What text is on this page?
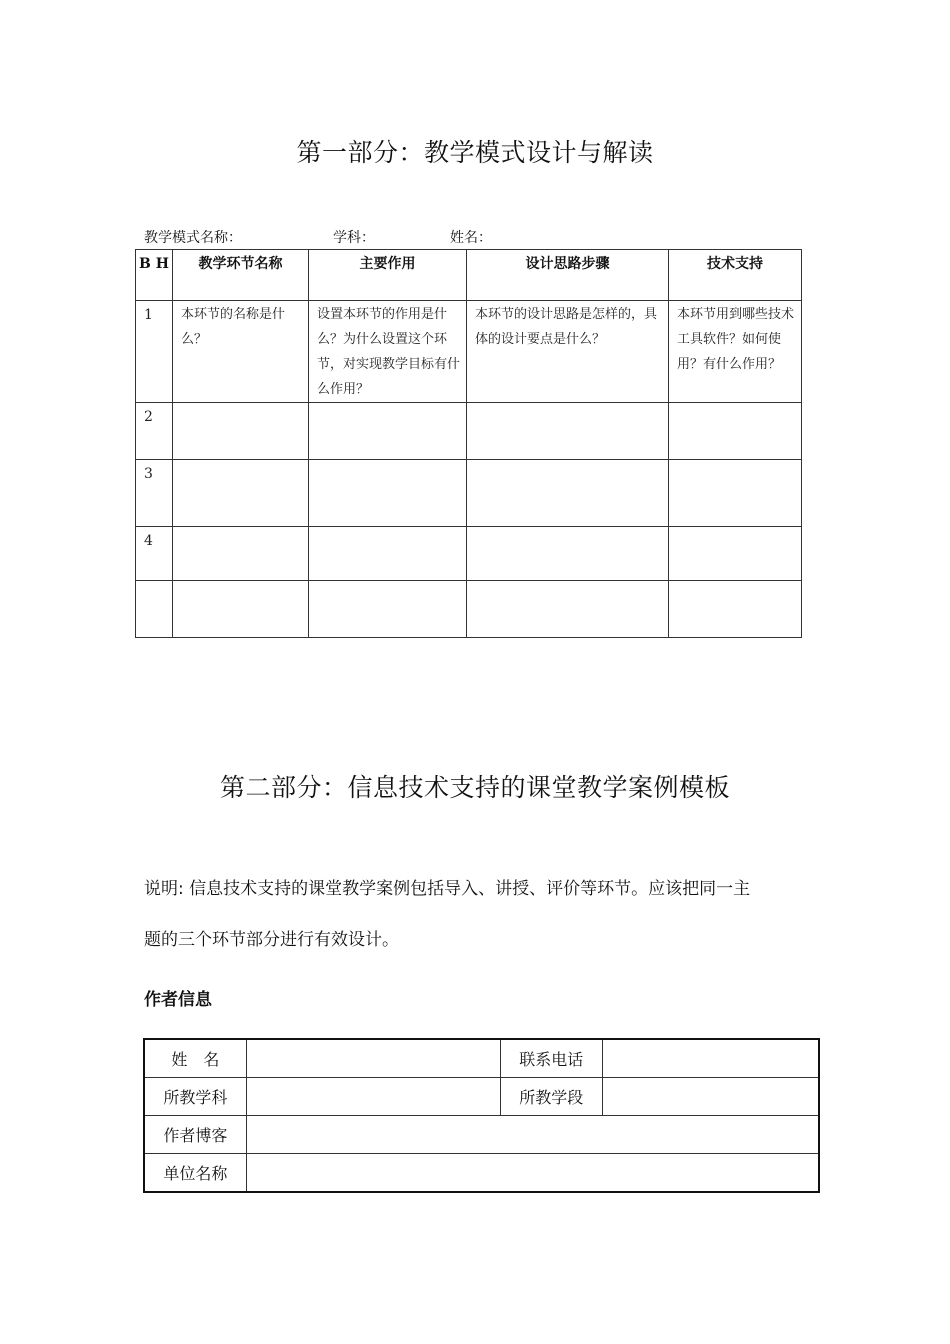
第一部分：教学模式设计与解读
教学模式名称：	学科：	姓名：
B H	教学环节名称	主要作用	设计思路步骤	技术支持
1	本环节的名称是什么？	设置本环节的作用是什么？为什么设置这个环节，对实现教学目标有什么作用？	本环节的设计思路是怎样的，具体的设计要点是什么？	本环节用到哪些技术工具软件？如何使用？有什么作用？
2				
3				
4				

第二部分：信息技术支持的课堂教学案例模板
说明: 信息技术支持的课堂教学案例包括导入、讲授、评价等环节。应该把同一主
题的三个环节部分进行有效设计。
作者信息
姓　名		联系电话	
所教学科		所教学段	
作者博客			
单位名称			
